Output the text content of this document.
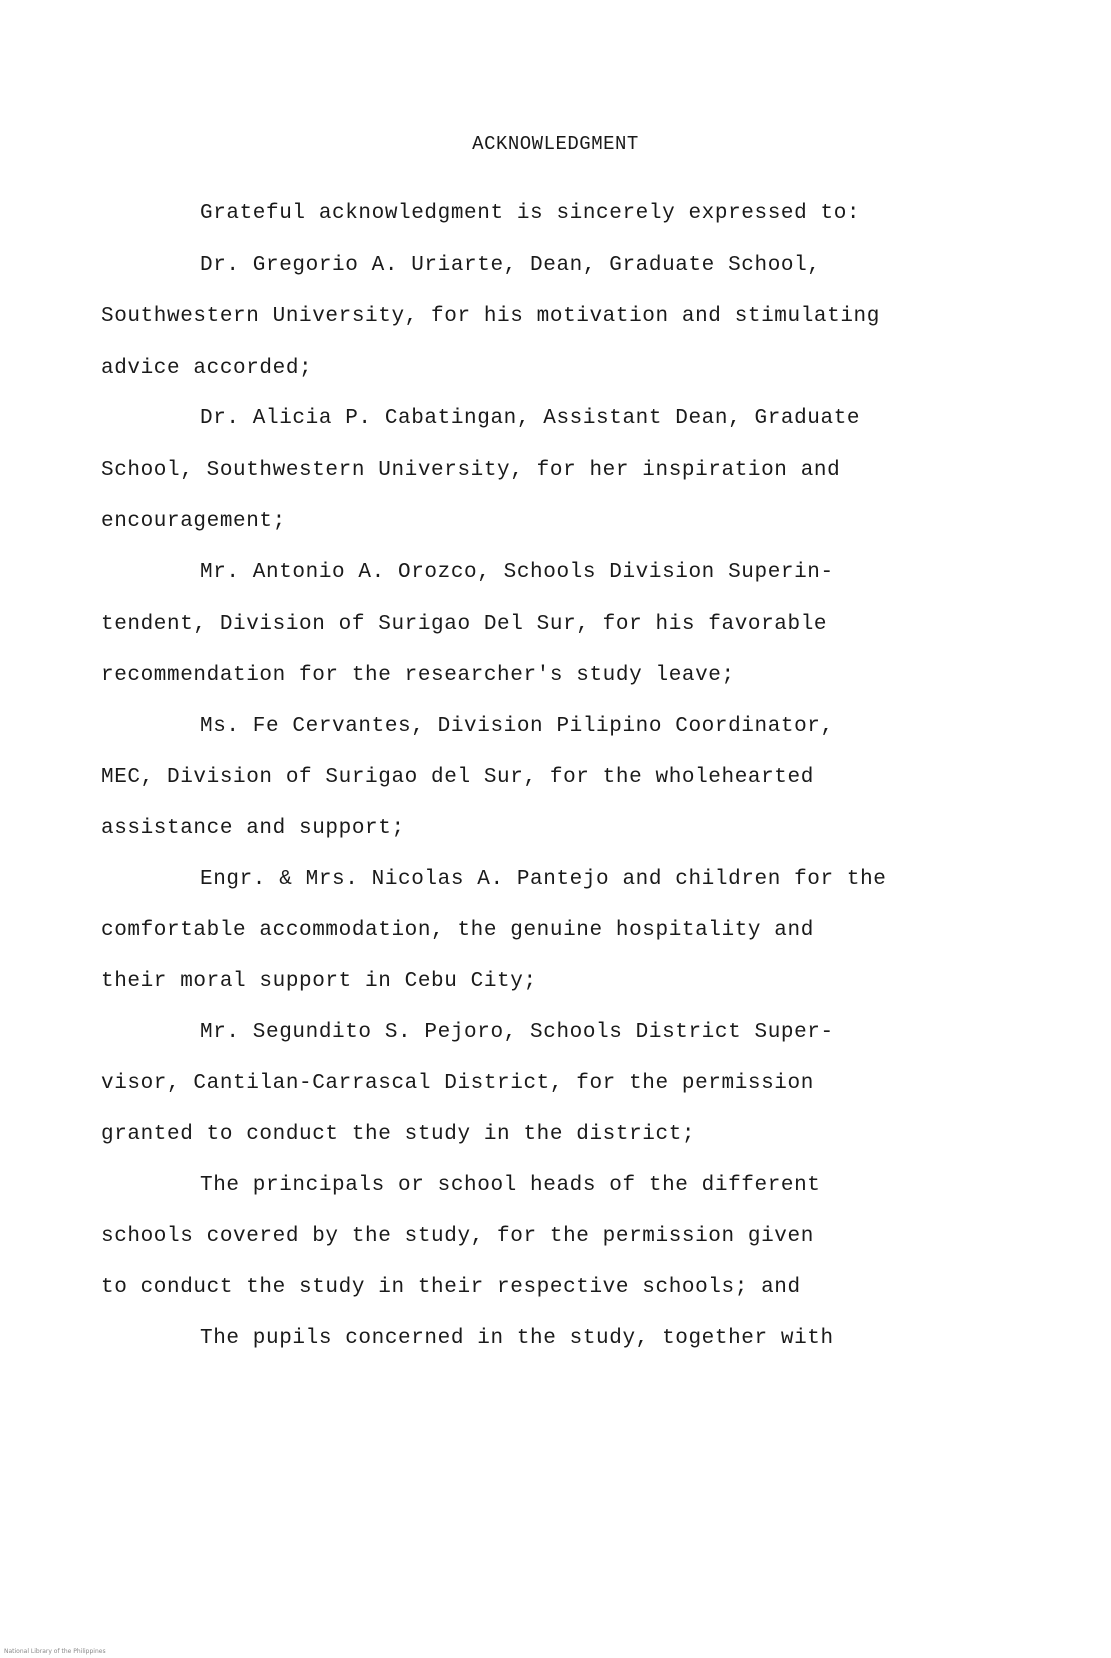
ACKNOWLEDGMENT
Grateful acknowledgment is sincerely expressed to:
Dr. Gregorio A. Uriarte, Dean, Graduate School,
Southwestern University, for his motivation and stimulating
advice accorded;
Dr. Alicia P. Cabatingan, Assistant Dean, Graduate
School, Southwestern University, for her inspiration and
encouragement;
Mr. Antonio A. Orozco, Schools Division Superin-
tendent, Division of Surigao Del Sur, for his favorable
recommendation for the researcher's study leave;
Ms. Fe Cervantes, Division Pilipino Coordinator,
MEC, Division of Surigao del Sur, for the wholehearted
assistance and support;
Engr. & Mrs. Nicolas A. Pantejo and children for the
comfortable accommodation, the genuine hospitality and
their moral support in Cebu City;
Mr. Segundito S. Pejoro, Schools District Super-
visor, Cantilan-Carrascal District, for the permission
granted to conduct the study in the district;
The principals or school heads of the different
schools covered by the study, for the permission given
to conduct the study in their respective schools; and
The pupils concerned in the study, together with
National Library of the Philippines
